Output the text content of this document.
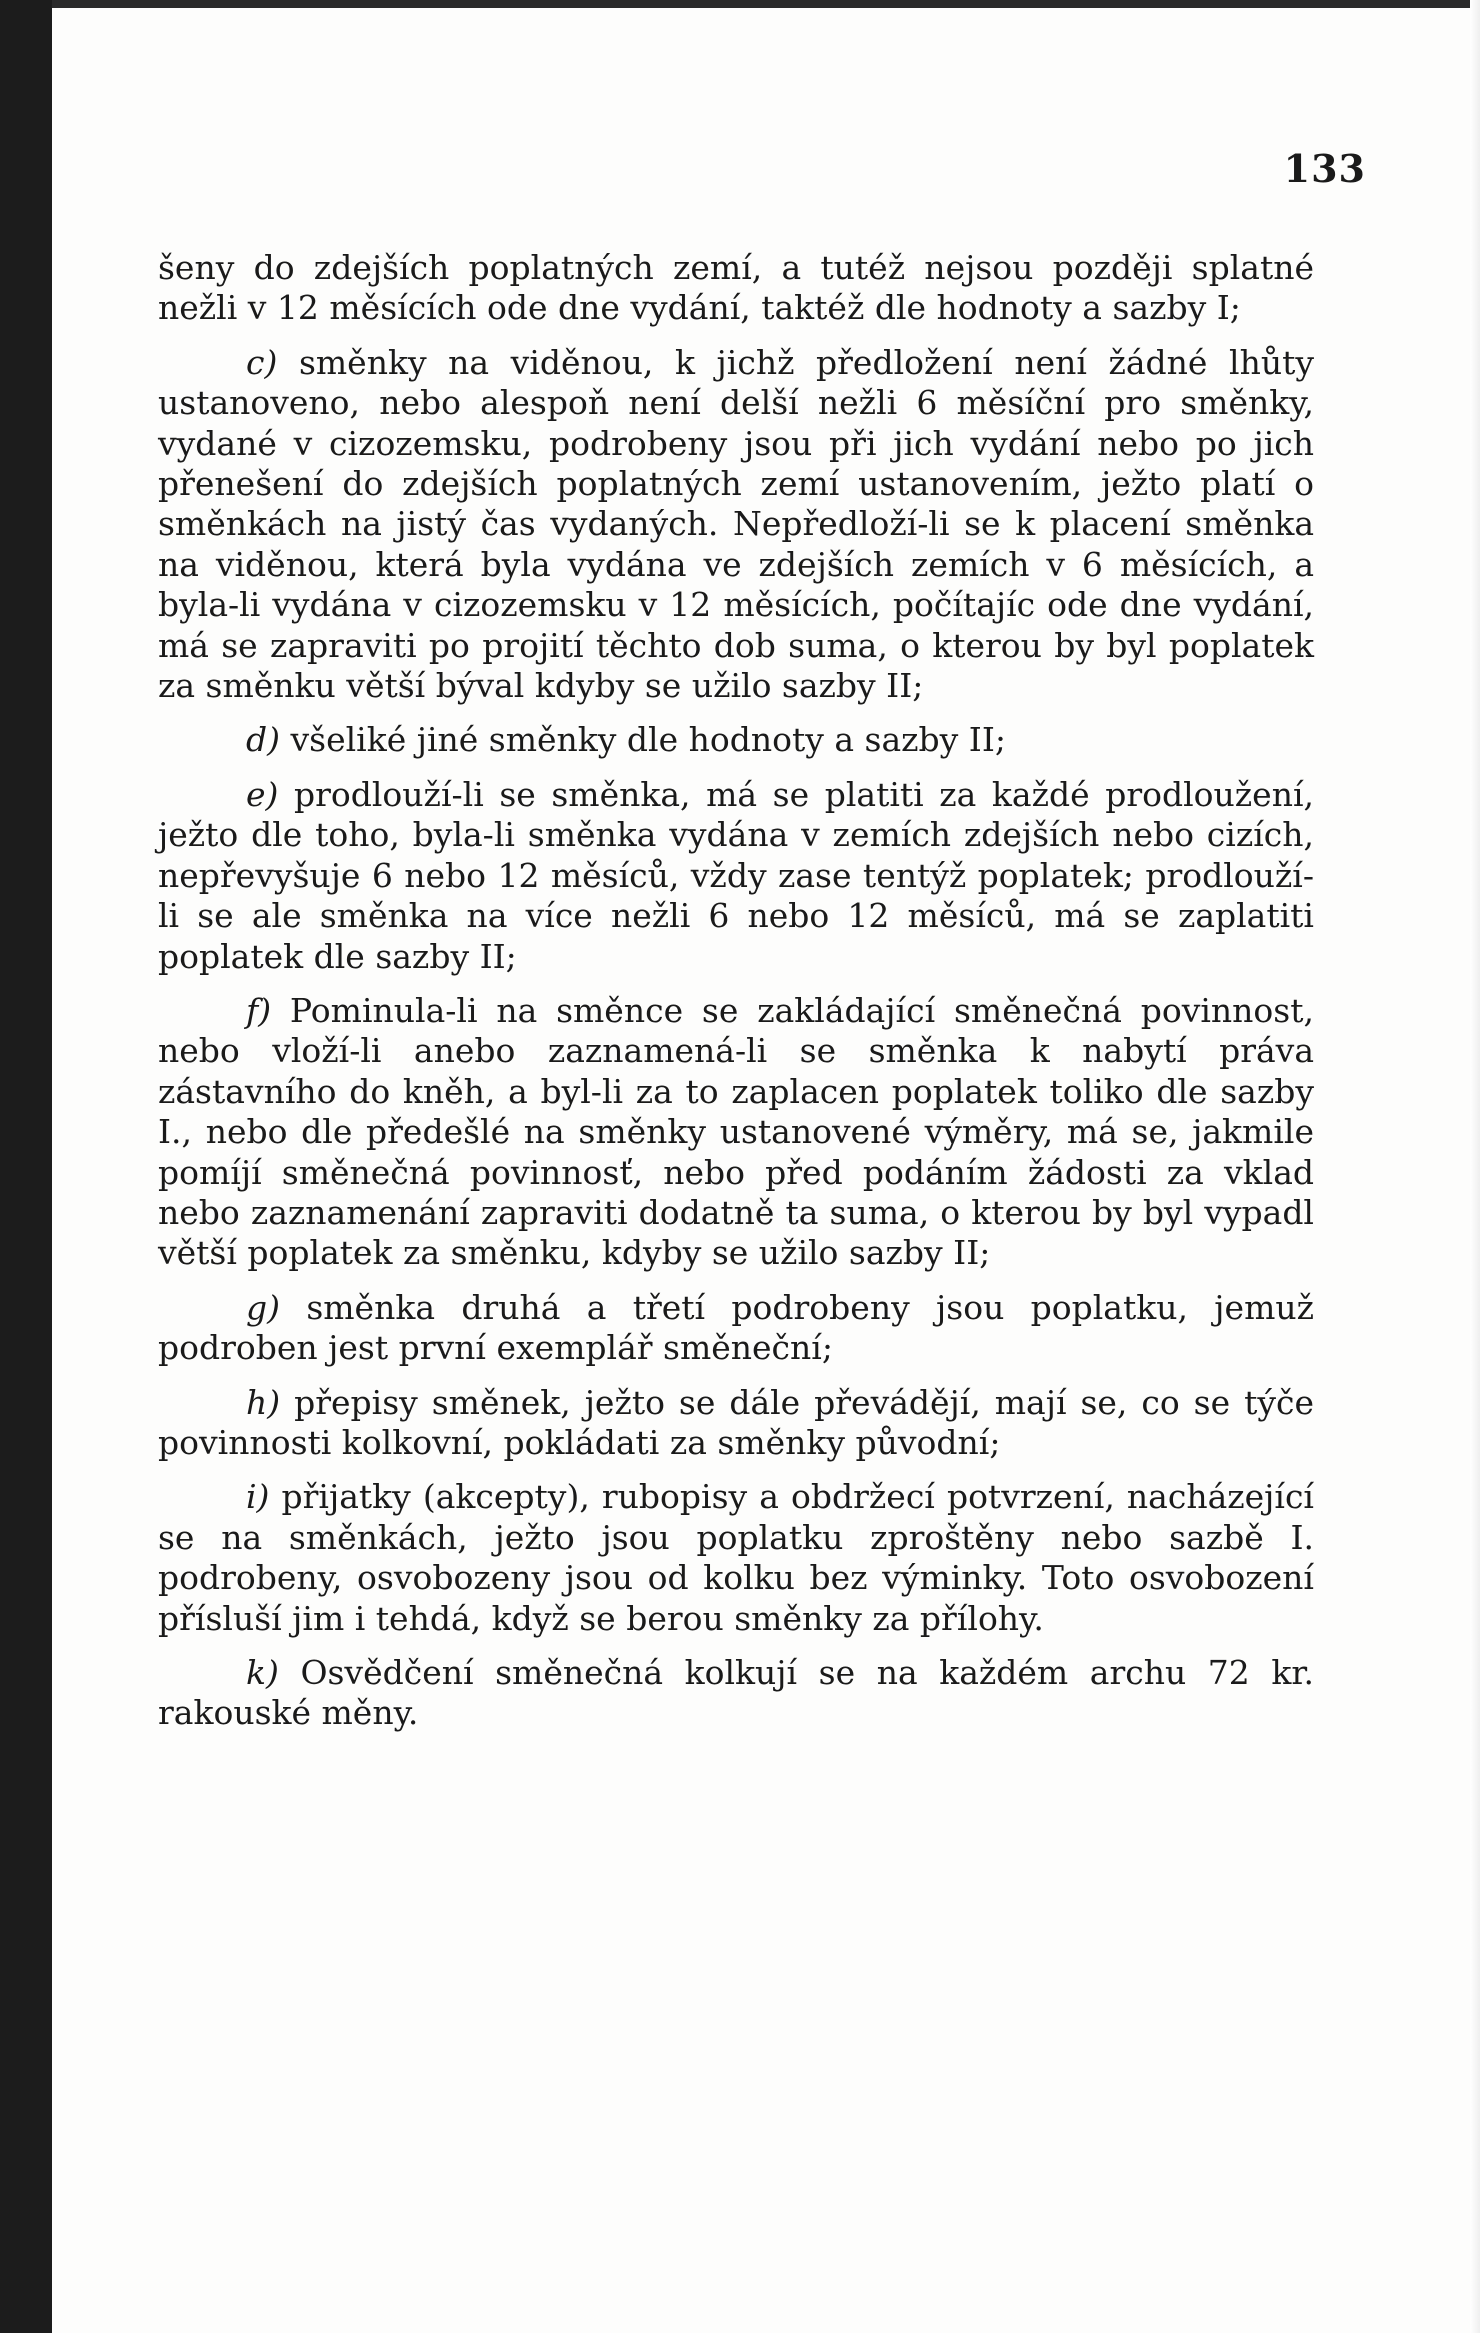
133

šeny do zdejších poplatných zemí, a tutéž nejsou později splatné nežli v 12 měsících ode dne vydání, taktéž dle hodnoty a sazby I;

c) směnky na viděnou, k jichž předložení není žádné lhůty ustanoveno, nebo alespoň není delší nežli 6 měsíční pro směnky, vydané v cizozemsku, podrobeny jsou při jich vydání nebo po jich přenešení do zdejších poplatných zemí ustanovením, ježto platí o směnkách na jistý čas vydaných. Nepředloží-li se k placení směnka na viděnou, která byla vydána ve zdejších zemích v 6 měsících, a byla-li vydána v cizozemsku v 12 měsících, počítajíc ode dne vydání, má se zapraviti po projití těchto dob suma, o kterou by byl poplatek za směnku větší býval kdyby se užilo sazby II;

d) všeliké jiné směnky dle hodnoty a sazby II;

e) prodlouží-li se směnka, má se platiti za každé prodloužení, ježto dle toho, byla-li směnka vydána v zemích zdejších nebo cizích, nepřevyšuje 6 nebo 12 měsíců, vždy zase tentýž poplatek; prodlouží-li se ale směnka na více nežli 6 nebo 12 měsíců, má se zaplatiti poplatek dle sazby II;

f) Pominula-li na směnce se zakládající směnečná povinnost, nebo vloží-li anebo zaznamená-li se směnka k nabytí práva zástavního do kněh, a byl-li za to zaplacen poplatek toliko dle sazby I., nebo dle předešlé na směnky ustanovené výměry, má se, jakmile pomíjí směnečná povinnosť, nebo před podáním žádosti za vklad nebo zaznamenání zapraviti dodatně ta suma, o kterou by byl vypadl větší poplatek za směnku, kdyby se užilo sazby II;

g) směnka druhá a třetí podrobeny jsou poplatku, jemuž podroben jest první exemplář směneční;

h) přepisy směnek, ježto se dále převádějí, mají se, co se týče povinnosti kolkovní, pokládati za směnky původní;

i) přijatky (akcepty), rubopisy a obdržecí potvrzení, nacházející se na směnkách, ježto jsou poplatku zproštěny nebo sazbě I. podrobeny, osvobozeny jsou od kolku bez výminky. Toto osvobození přísluší jim i tehdá, když se berou směnky za přílohy.

k) Osvědčení směnečná kolkují se na každém archu 72 kr. rakouské měny.
